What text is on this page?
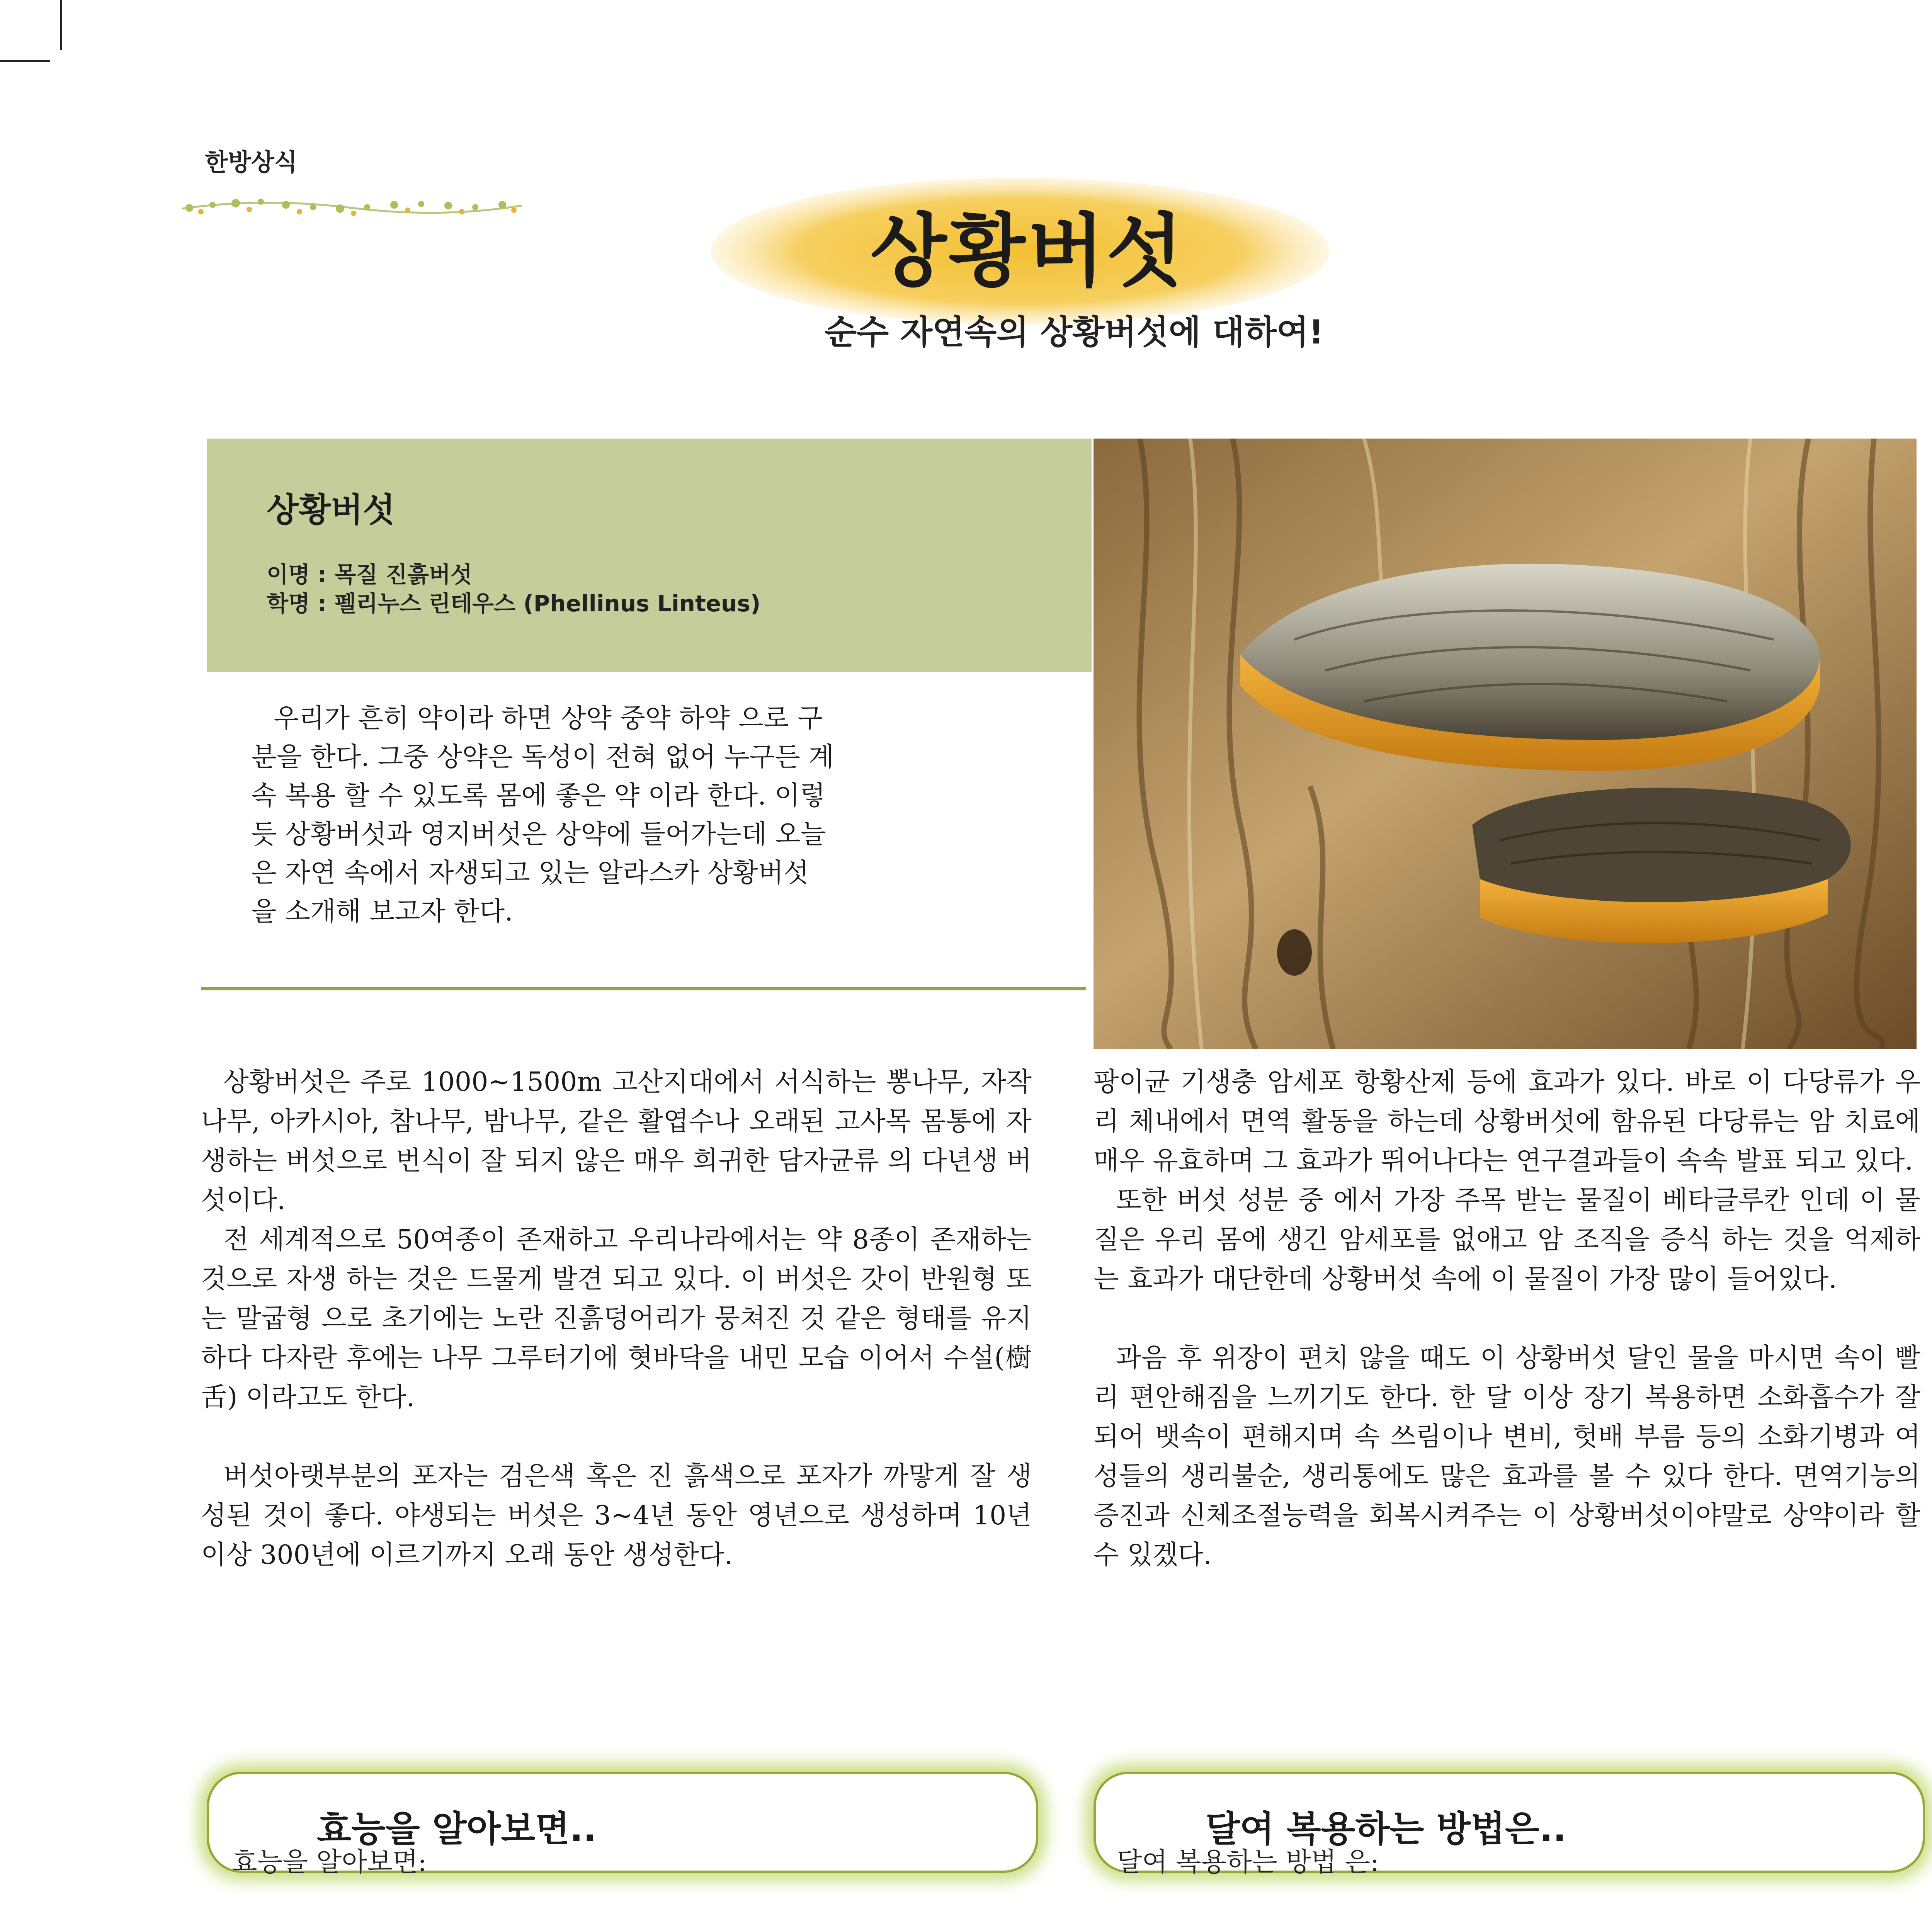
한방상식
상황버섯
순수 자연속의 상황버섯에 대하여!
상황버섯
이명 : 목질 진흙버섯
학명 : 펠리누스 린테우스 (Phellinus Linteus)
우리가 흔히 약이라 하면 상약 중약 하약 으로 구
분을 한다. 그중 상약은 독성이 전혀 없어 누구든 계
속 복용 할 수 있도록 몸에 좋은 약 이라 한다. 이렇
듯 상황버섯과 영지버섯은 상약에 들어가는데 오늘
은 자연 속에서 자생되고 있는 알라스카 상황버섯
을 소개해 보고자 한다.

상황버섯은 주로 1000~1500m 고산지대에서 서식하는 뽕나무, 자작나무, 아카시아, 참나무, 밤나무, 같은 활엽수나 오래된 고사목 몸통에 자생하는 버섯으로 번식이 잘 되지 않은 매우 희귀한 담자균류 의 다년생 버섯이다.

전 세계적으로 50여종이 존재하고 우리나라에서는 약 8종이 존재하는 것으로 자생 하는 것은 드물게 발견 되고 있다. 이 버섯은 갓이 반원형 또는 말굽형 으로 초기에는 노란 진흙덩어리가 뭉쳐진 것 같은 형태를 유지하다 다자란 후에는 나무 그루터기에 혓바닥을 내민 모습 이어서 수설(樹舌) 이라고도 한다.

버섯아랫부분의 포자는 검은색 혹은 진 흙색으로 포자가 까맣게 잘 생성된 것이 좋다. 야생되는 버섯은 3~4년 동안 영년으로 생성하며 10년 이상 300년에 이르기까지 오래 동안 생성한다.

팡이균 기생충 암세포 항황산제 등에 효과가 있다. 바로 이 다당류가 우리 체내에서 면역 활동을 하는데 상황버섯에 함유된 다당류는 암 치료에 매우 유효하며 그 효과가 뛰어나다는 연구결과들이 속속 발표 되고 있다.

또한 버섯 성분 중 에서 가장 주목 받는 물질이 베타글루칸 인데 이 물질은 우리 몸에 생긴 암세포를 없애고 암 조직을 증식 하는 것을 억제하는 효과가 대단한데 상황버섯 속에 이 물질이 가장 많이 들어있다.

과음 후 위장이 편치 않을 때도 이 상황버섯 달인 물을 마시면 속이 빨리 편안해짐을 느끼기도 한다. 한 달 이상 장기 복용하면 소화흡수가 잘되어 뱃속이 편해지며 속 쓰림이나 변비, 헛배 부름 등의 소화기병과 여성들의 생리불순, 생리통에도 많은 효과를 볼 수 있다 한다. 면역기능의 증진과 신체조절능력을 회복시켜주는 이 상황버섯이야말로 상약이라 할 수 있겠다.

효능을 알아보면..
효능을 알아보면:
달여 복용하는 방법은..
달여 복용하는 방법 은:
